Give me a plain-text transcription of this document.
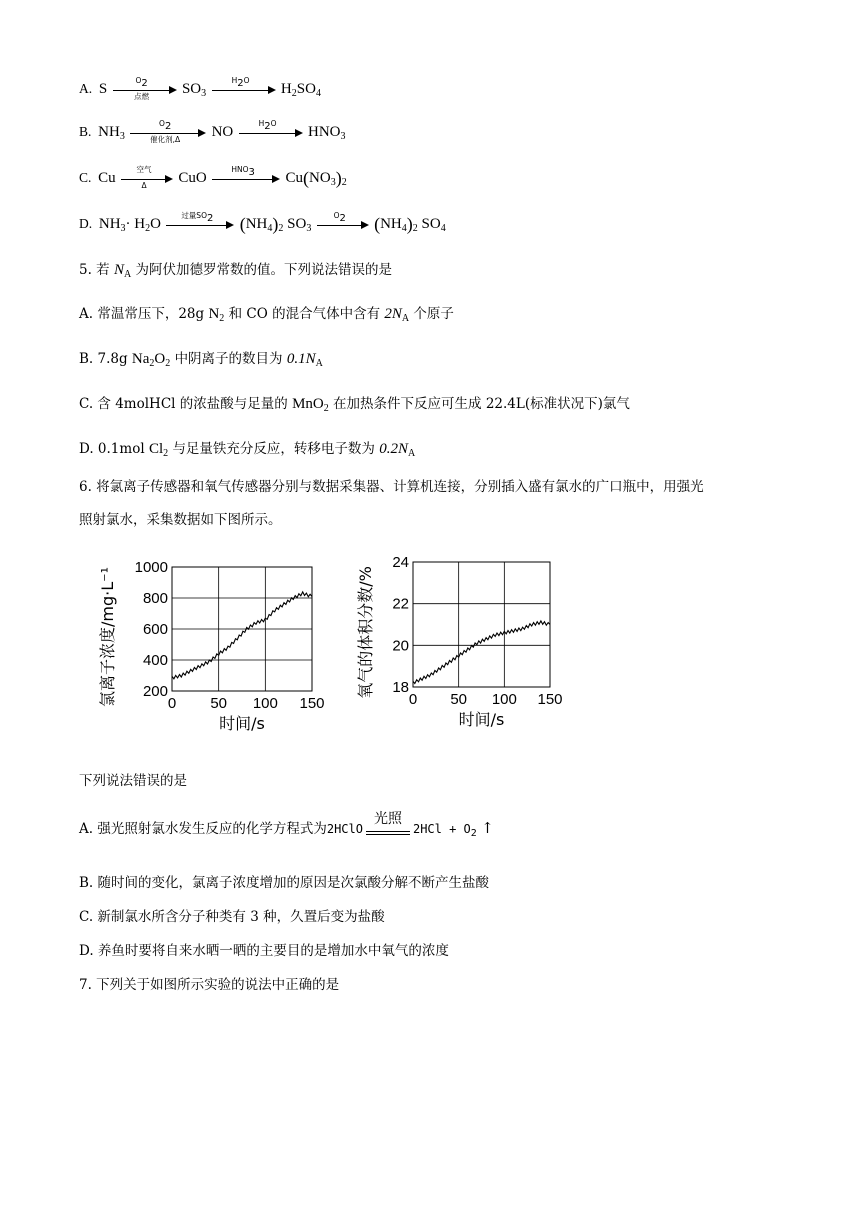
A. S
$O_2$
点燃	$SO_3$
$H_2O$
$H_2SO_4$
B. $NH_3$
$O_2$
催化剂,Δ	NO
$H_2O$
$HNO_3$
C. Cu
空气
Δ	CuO
$HNO_3$	$Cu(NO_3)_2$
D. $NH_3\cdot H_2O$
过量$SO_2$	$(NH_4)_2$ $SO_3$
$O_2$	$(NH_4)_2$ $SO_4$
5. 若 $N_A$ 为阿伏加德罗常数的值。下列说法错误的是
A. 常温常压下，28g $N_2$ 和 CO 的混合气体中含有 $2N_A$ 个原子
B. 7.8g $Na_2O_2$ 中阴离子的数目为 $0.1N_A$
C. 含 4molHCl 的浓盐酸与足量的 MnO$_2$ 在加热条件下反应可生成 22.4L(标准状况下)氯气
D. 0.1mol $Cl_2$ 与足量铁充分反应，转移电子数为 $0.2N_A$
6. 将氯离子传感器和氧气传感器分别与数据采集器、计算机连接，分别插入盛有氯水的广口瓶中，用强光
照射氯水，采集数据如下图所示。
0 50 100 150
200
400
600
800
1000
时间/s
氯离子浓度/mg·L⁻¹	0 50 100 150
18
20
22
24
时间/s
氧气的体积分数/%
下列说法错误的是
A. 强光照射氯水发生反应的化学方程式为2HClO
光照
$2HCl + O_2$ ↑
B. 随时间的变化，氯离子浓度增加的原因是次氯酸分解不断产生盐酸
C. 新制氯水所含分子种类有 3 种，久置后变为盐酸
D. 养鱼时要将自来水晒一晒的主要目的是增加水中氧气的浓度
7. 下列关于如图所示实验的说法中正确的是
